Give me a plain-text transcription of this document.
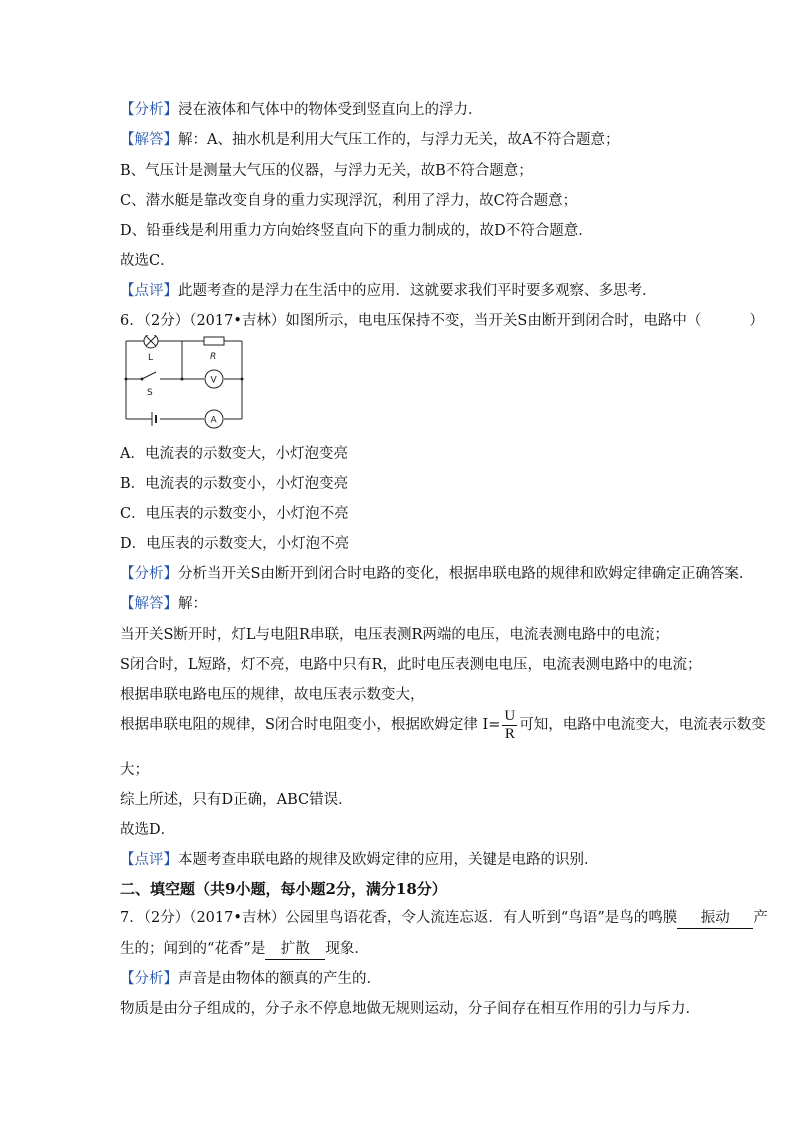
【分析】浸在液体和气体中的物体受到竖直向上的浮力．
【解答】解：A、抽水机是利用大气压工作的，与浮力无关，故A不符合题意；
B、气压计是测量大气压的仪器，与浮力无关，故B不符合题意；
C、潜水艇是靠改变自身的重力实现浮沉，利用了浮力，故C符合题意；
D、铅垂线是利用重力方向始终竖直向下的重力制成的，故D不符合题意．
故选C．
【点评】此题考查的是浮力在生活中的应用．这就要求我们平时要多观察、多思考．
6．（2分）（2017•吉林）如图所示，电电压保持不变，当开关S由断开到闭合时，电路中（	）
L	R
V
S
A
A．电流表的示数变大，小灯泡变亮
B．电流表的示数变小，小灯泡变亮
C．电压表的示数变小，小灯泡不亮
D．电压表的示数变大，小灯泡不亮
【分析】分析当开关S由断开到闭合时电路的变化，根据串联电路的规律和欧姆定律确定正确答案．
【解答】解：
当开关S断开时，灯L与电阻R串联，电压表测R两端的电压，电流表测电路中的电流；
S闭合时，L短路，灯不亮，电路中只有R，此时电压表测电电压，电流表测电路中的电流；
根据串联电路电压的规律，故电压表示数变大，
根据串联电阻的规律，S闭合时电阻变小，根据欧姆定律 $I= \frac{U}{R}$ 可知，电路中电流变大，电流表示数变
大；
综上所述，只有D正确，ABC错误．
故选D．
【点评】本题考查串联电路的规律及欧姆定律的应用，关键是电路的识别．
二、填空题（共9小题，每小题2分，满分18分）
7．（2分）（2017•吉林）公园里鸟语花香，令人流连忘返．有人听到“鸟语”是鸟的鸣膜 振动 产
生的；闻到的“花香”是 扩散 现象．
【分析】声音是由物体的额真的产生的．
物质是由分子组成的，分子永不停息地做无规则运动，分子间存在相互作用的引力与斥力．
